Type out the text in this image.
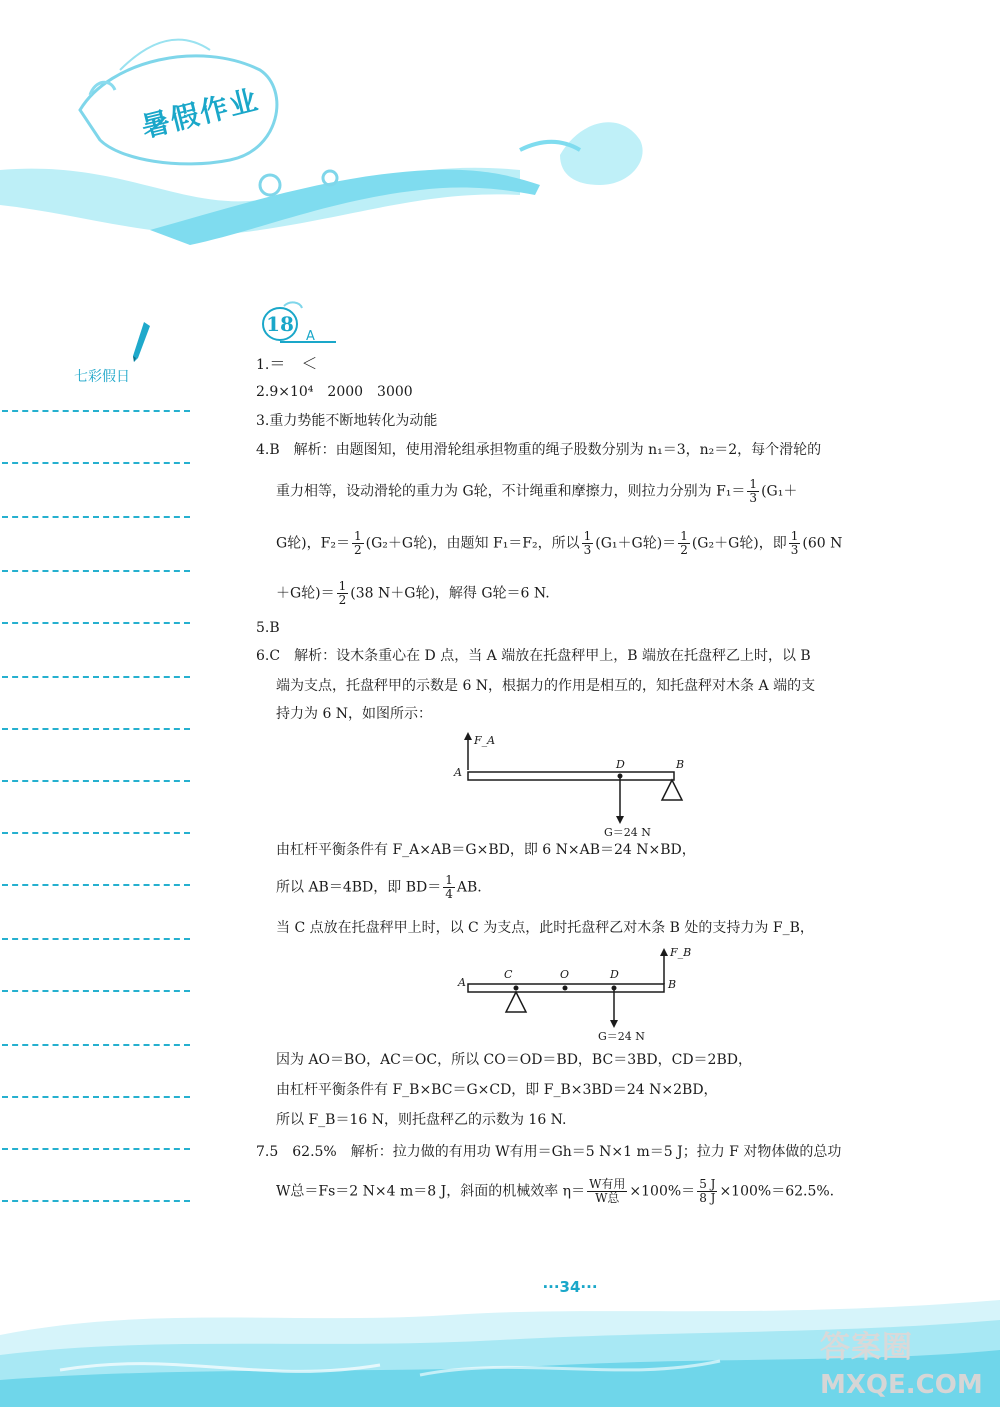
暑假作业
七彩假日
18
A
1.＝　＜
2.9×10⁴　2000　3000
3.重力势能不断地转化为动能
4.B　解析：由题图知，使用滑轮组承担物重的绳子股数分别为 n₁＝3，n₂＝2，每个滑轮的
重力相等，设动滑轮的重力为 G轮，不计绳重和摩擦力，则拉力分别为 $F_1= \frac{1}{3} (G_1+$
G轮)，$F_2= \frac{1}{2} (G_2+G$轮)，由题知 F₁＝F₂，所以 $\frac{1}{3} (G_1+G$轮)＝ $\frac{1}{2} (G_2+G$轮)，即 $\frac{1}{3} (60$ N
＋G轮)＝ $\frac{1}{2} (38$ N＋G轮)，解得 G轮＝6 N.
5.B
6.C　解析：设木条重心在 D 点，当 A 端放在托盘秤甲上，B 端放在托盘秤乙上时，以 B
端为支点，托盘秤甲的示数是 6 N，根据力的作用是相互的，知托盘秤对木条 A 端的支
持力为 6 N，如图所示：
F_A
A
D	B
G＝24 N
由杠杆平衡条件有 F_A×AB＝G×BD，即 6 N×AB＝24 N×BD，
所以 AB＝4BD，即 $BD= \frac{1}{4}$ AB.
当 C 点放在托盘秤甲上时，以 C 为支点，此时托盘秤乙对木条 B 处的支持力为 F_B，
A
C	O	D
B
F_B
G＝24 N
因为 AO＝BO，AC＝OC，所以 CO＝OD＝BD，BC＝3BD，CD＝2BD，
由杠杆平衡条件有 F_B×BC＝G×CD，即 F_B×3BD＝24 N×2BD，
所以 F_B＝16 N，则托盘秤乙的示数为 16 N.
7.5　62.5%　解析：拉力做的有用功 W有用＝Gh＝5 N×1 m＝5 J；拉力 F 对物体做的总功
W总＝Fs＝2 N×4 m＝8 J，斜面的机械效率 $\eta= \frac{\text{W有用}}{\text{W总}} \times 100\%= \frac{5 J}{8 J} \times 100\%=62.5\%$.
···34···
答案圈
MXQE.COM
